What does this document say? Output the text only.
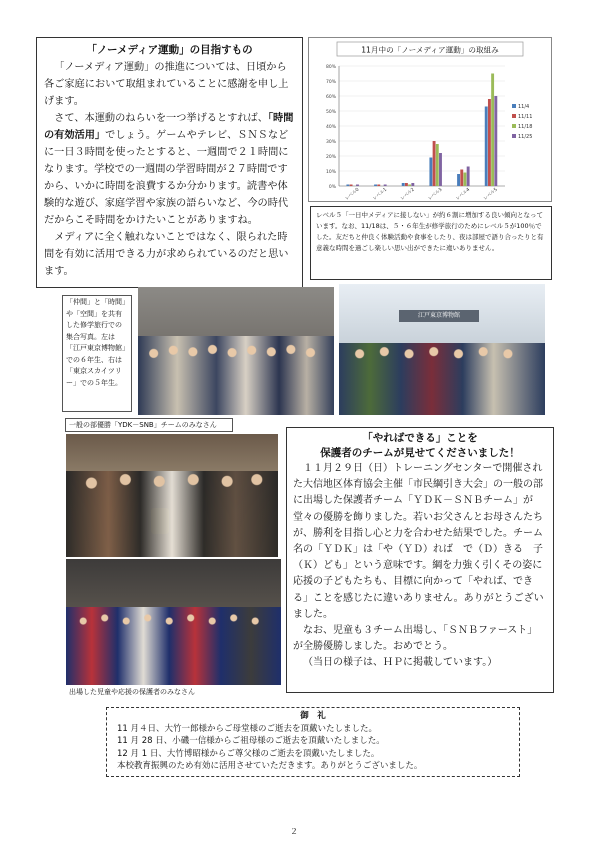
「ノーメディア運動」の目指すもの
「ノーメディア運動」の推進については、日頃から各ご家庭において取組まれていることに感謝を申し上げます。
さて、本運動のねらいを一つ挙げるとすれば、「時間の有効活用」でしょう。ゲームやテレビ、ＳＮＳなどに一日３時間を使ったとすると、一週間で２１時間になります。学校での一週間の学習時間が２７時間ですから、いかに時間を浪費するか分かります。読書や体験的な遊び、家庭学習や家族の語らいなど、今の時代だからこそ時間をかけたいことがありますね。
メディアに全く触れないことではなく、限られた時間を有効に活用できる力が求められているのだと思います。
11月中の「ノーメディア運動」の取組み
0%
10%
20%
30%
40%
50%
60%
70%
80%
レベル0	レベル1	レベル2	レベル3	レベル4	レベル5
11/4
11/11
11/18
11/25
レベル５「一日中メディアに接しない」が約６割に増加する良い傾向となっています。なお、11/18は、５・６年生が修学旅行のためにレベル５が100％でした。友だちと仲良く体験活動や食事をしたり、夜は部屋で語り合ったりと有意義な時間を過ごし楽しい思い出ができたに違いありません。
「仲間」と「時間」や「空間」を共有した修学旅行での集合写真。左は「江戸東京博物館」での６年生、右は「東京スカイツリー」での５年生。
江戸東京博物館
一般の部優勝「YDK－SNB」チームのみなさん
出場した児童や応援の保護者のみなさん
「やればできる」ことを
保護者のチームが見せてくださいました！
１１月２９日（日）トレーニングセンターで開催された大信地区体育協会主催「市民綱引き大会」の一般の部に出場した保護者チーム「ＹＤＫ－ＳＮＢチーム」が堂々の優勝を飾りました。若いお父さんとお母さんたちが、勝利を目指し心と力を合わせた結果でした。チーム名の「ＹＤＫ」は「や（ＹＤ）れば　で（Ｄ）きる　子（Ｋ）ども」という意味です。綱を力強く引くその姿に応援の子どもたちも、目標に向かって「やれば、できる」ことを感じたに違いありません。ありがとうございました。
なお、児童も３チーム出場し、「ＳＮＢファースト」が全勝優勝しました。おめでとう。
（当日の様子は、ＨＰに掲載しています。）
御　礼
11 月４日、大竹一郎様からご母堂様のご逝去を頂戴いたしました。
11 月 28 日、小磯一信様からご祖母様のご逝去を頂戴いたしました。
12 月 1 日、大竹博昭様からご尊父様のご逝去を頂戴いたしました。
本校教育振興のため有効に活用させていただきます。ありがとうございました。
２
